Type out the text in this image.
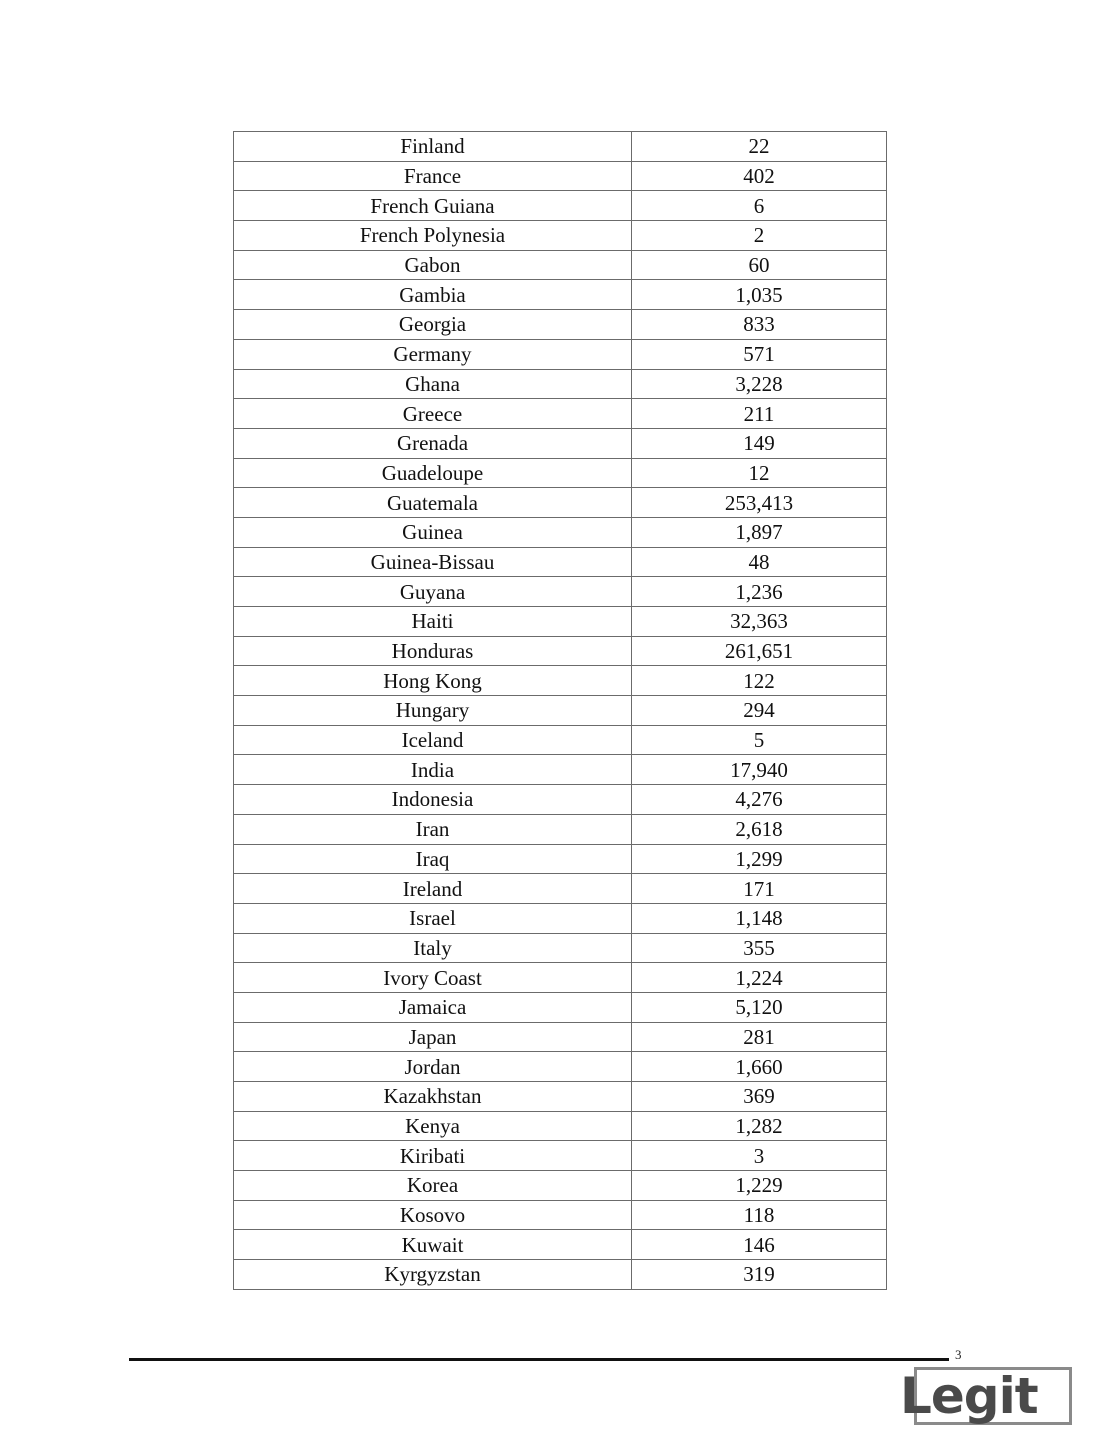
Finland	22
France	402
French Guiana	6
French Polynesia	2
Gabon	60
Gambia	1,035
Georgia	833
Germany	571
Ghana	3,228
Greece	211
Grenada	149
Guadeloupe	12
Guatemala	253,413
Guinea	1,897
Guinea-Bissau	48
Guyana	1,236
Haiti	32,363
Honduras	261,651
Hong Kong	122
Hungary	294
Iceland	5
India	17,940
Indonesia	4,276
Iran	2,618
Iraq	1,299
Ireland	171
Israel	1,148
Italy	355
Ivory Coast	1,224
Jamaica	5,120
Japan	281
Jordan	1,660
Kazakhstan	369
Kenya	1,282
Kiribati	3
Korea	1,229
Kosovo	118
Kuwait	146
Kyrgyzstan	319
3
Legit
